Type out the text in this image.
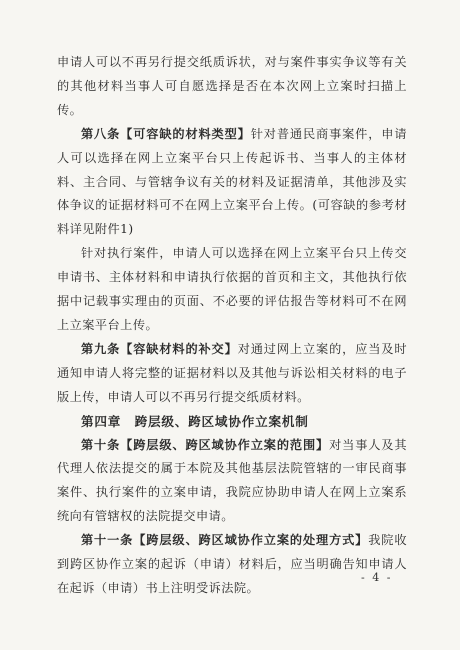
申请人可以不再另行提交纸质诉状，对与案件事实争议等有关的其他材料当事人可自愿选择是否在本次网上立案时扫描上传。

第八条【可容缺的材料类型】针对普通民商事案件，申请人可以选择在网上立案平台只上传起诉书、当事人的主体材料、主合同、与管辖争议有关的材料及证据清单，其他涉及实体争议的证据材料可不在网上立案平台上传。(可容缺的参考材料详见附件1)

针对执行案件，申请人可以选择在网上立案平台只上传交申请书、主体材料和申请执行依据的首页和主文，其他执行依据中记载事实理由的页面、不必要的评估报告等材料可不在网上立案平台上传。

第九条【容缺材料的补交】对通过网上立案的，应当及时通知申请人将完整的证据材料以及其他与诉讼相关材料的电子版上传，申请人可以不再另行提交纸质材料。

第四章　跨层级、跨区域协作立案机制

第十条【跨层级、跨区域协作立案的范围】对当事人及其代理人依法提交的属于本院及其他基层法院管辖的一审民商事案件、执行案件的立案申请，我院应协助申请人在网上立案系统向有管辖权的法院提交申请。

第十一条【跨层级、跨区域协作立案的处理方式】我院收到跨区协作立案的起诉（申请）材料后，应当明确告知申请人在起诉（申请）书上注明受诉法院。

- 4 -
